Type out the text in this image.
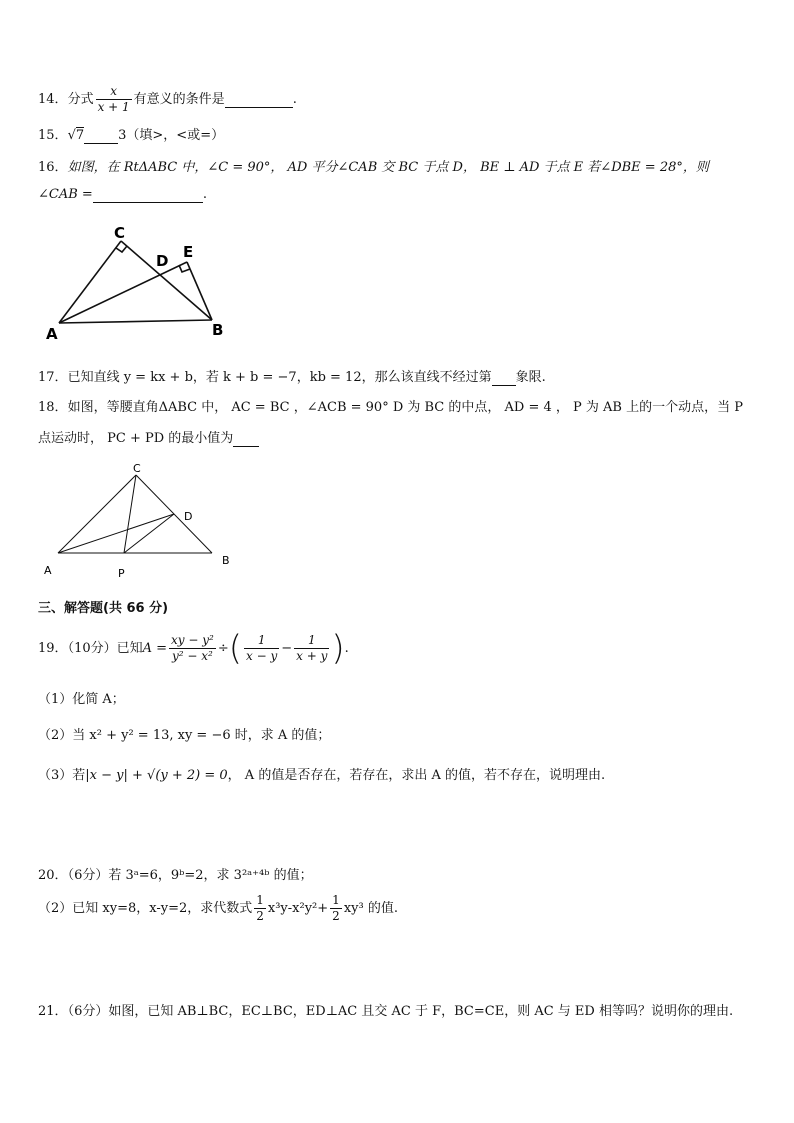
14．分式 $\frac{x}{x + 1}$ 有意义的条件是	.
15．√7	3（填>，<或=）
16．如图，在 RtΔABC 中，∠C = 90°， AD 平分∠CAB 交 BC 于点 D， BE ⊥ AD 于点 E 若∠DBE = 28°，则
∠CAB =	.
C
D E
A	B
17．已知直线 y = kx + b，若 k + b = −7，kb = 12，那么该直线不经过第 象限.
18．如图，等腰直角ΔABC 中， AC = BC ，∠ACB = 90° D 为 BC 的中点， AD = 4 ， P 为 AB 上的一个动点，当 P
点运动时， PC + PD 的最小值为
C
D
A	P
B
三、解答题(共 66 分)
19．（10分）已知$A = \frac{\text{xy − y²}}{\text{y² − x²}}$ ÷( $\frac{1}{x - y} - \frac{1}{x + y}$ ).
（1）化简 A；
（2）当 x² + y² = 13, xy = −6 时，求 A 的值；
（3）若|x − y| + √(y + 2) = 0， A 的值是否存在，若存在，求出 A 的值，若不存在，说明理由.
20．（6分）若 3ᵃ=6，9ᵇ=2，求 3²ᵃ⁺⁴ᵇ 的值；
（2）已知 xy=8，x-y=2，求代数式 $\frac{1}{2} x^3y-x^2y^2+ \frac{1}{2} xy^3$ 的值.
21．（6分）如图，已知 AB⊥BC，EC⊥BC，ED⊥AC 且交 AC 于 F，BC=CE，则 AC 与 ED 相等吗？说明你的理由.
